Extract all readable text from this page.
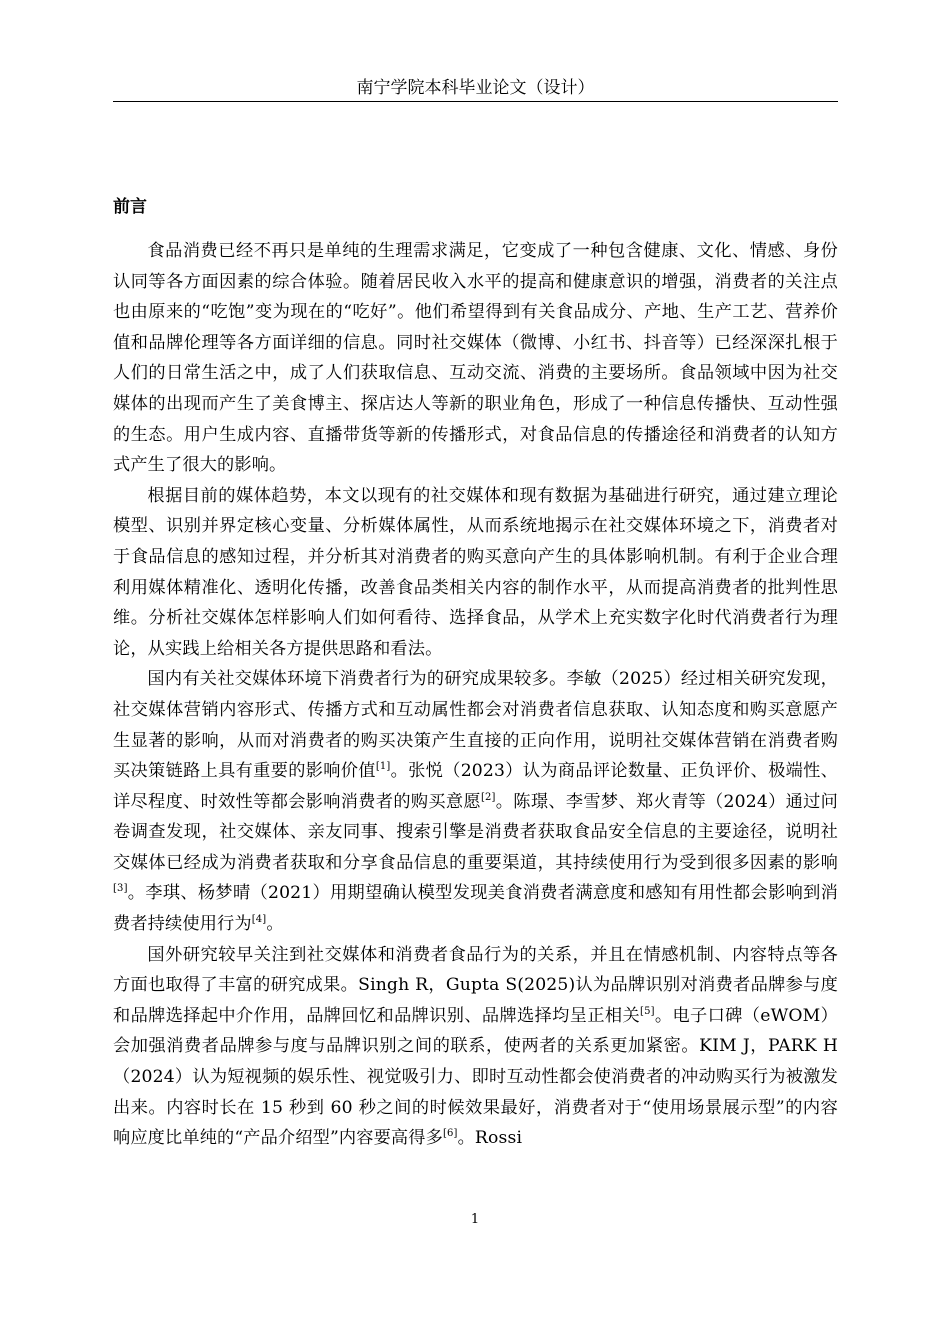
南宁学院本科毕业论文（设计）
前言

食品消费已经不再只是单纯的生理需求满足，它变成了一种包含健康、文化、情感、身份认同等各方面因素的综合体验。随着居民收入水平的提高和健康意识的增强，消费者的关注点也由原来的“吃饱”变为现在的“吃好”。他们希望得到有关食品成分、产地、生产工艺、营养价值和品牌伦理等各方面详细的信息。同时社交媒体（微博、小红书、抖音等）已经深深扎根于人们的日常生活之中，成了人们获取信息、互动交流、消费的主要场所。食品领域中因为社交媒体的出现而产生了美食博主、探店达人等新的职业角色，形成了一种信息传播快、互动性强的生态。用户生成内容、直播带货等新的传播形式，对食品信息的传播途径和消费者的认知方式产生了很大的影响。

根据目前的媒体趋势，本文以现有的社交媒体和现有数据为基础进行研究，通过建立理论模型、识别并界定核心变量、分析媒体属性，从而系统地揭示在社交媒体环境之下，消费者对于食品信息的感知过程，并分析其对消费者的购买意向产生的具体影响机制。有利于企业合理利用媒体精准化、透明化传播，改善食品类相关内容的制作水平，从而提高消费者的批判性思维。分析社交媒体怎样影响人们如何看待、选择食品，从学术上充实数字化时代消费者行为理论，从实践上给相关各方提供思路和看法。

国内有关社交媒体环境下消费者行为的研究成果较多。李敏（2025）经过相关研究发现，社交媒体营销内容形式、传播方式和互动属性都会对消费者信息获取、认知态度和购买意愿产生显著的影响，从而对消费者的购买决策产生直接的正向作用，说明社交媒体营销在消费者购买决策链路上具有重要的影响价值[1]。张悦（2023）认为商品评论数量、正负评价、极端性、详尽程度、时效性等都会影响消费者的购买意愿[2]。陈璟、李雪梦、郑火青等（2024）通过问卷调查发现，社交媒体、亲友同事、搜索引擎是消费者获取食品安全信息的主要途径，说明社交媒体已经成为消费者获取和分享食品信息的重要渠道，其持续使用行为受到很多因素的影响[3]。李琪、杨梦晴（2021）用期望确认模型发现美食消费者满意度和感知有用性都会影响到消费者持续使用行为[4]。

国外研究较早关注到社交媒体和消费者食品行为的关系，并且在情感机制、内容特点等各方面也取得了丰富的研究成果。Singh R，Gupta S(2025)认为品牌识别对消费者品牌参与度和品牌选择起中介作用，品牌回忆和品牌识别、品牌选择均呈正相关[5]。电子口碑（eWOM）会加强消费者品牌参与度与品牌识别之间的联系，使两者的关系更加紧密。KIM J，PARK H（2024）认为短视频的娱乐性、视觉吸引力、即时互动性都会使消费者的冲动购买行为被激发出来。内容时长在 15 秒到 60 秒之间的时候效果最好，消费者对于“使用场景展示型”的内容响应度比单纯的“产品介绍型”内容要高得多[6]。Rossi

1
